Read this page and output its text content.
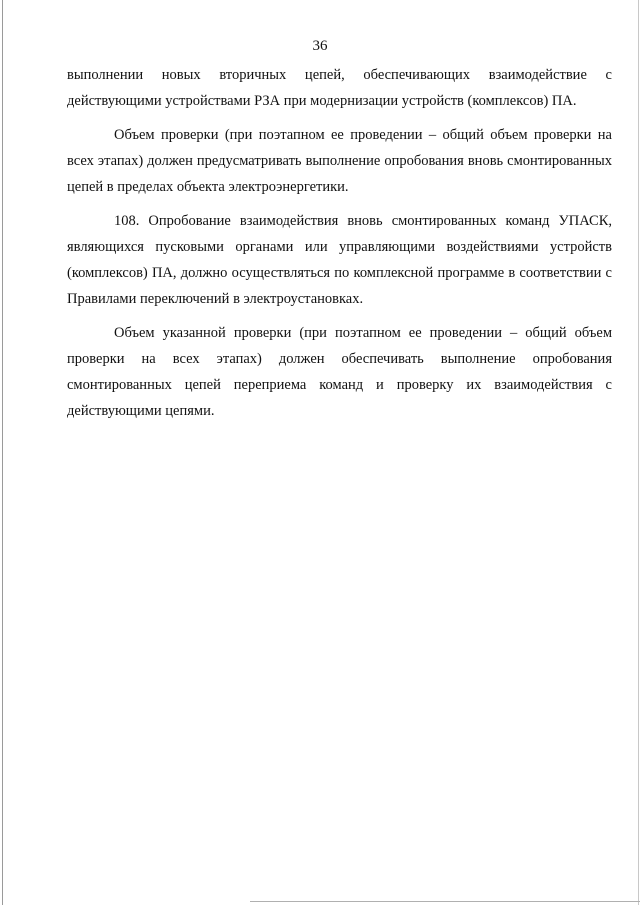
36

выполнении новых вторичных цепей, обеспечивающих взаимодействие с действующими устройствами РЗА при модернизации устройств (комплексов) ПА.

Объем проверки (при поэтапном ее проведении – общий объем проверки на всех этапах) должен предусматривать выполнение опробования вновь смонтированных цепей в пределах объекта электроэнергетики.

108. Опробование взаимодействия вновь смонтированных команд УПАСК, являющихся пусковыми органами или управляющими воздействиями устройств (комплексов) ПА, должно осуществляться по комплексной программе в соответствии с Правилами переключений в электроустановках.

Объем указанной проверки (при поэтапном ее проведении – общий объем проверки на всех этапах) должен обеспечивать выполнение опробования смонтированных цепей переприема команд и проверку их взаимодействия с действующими цепями.
